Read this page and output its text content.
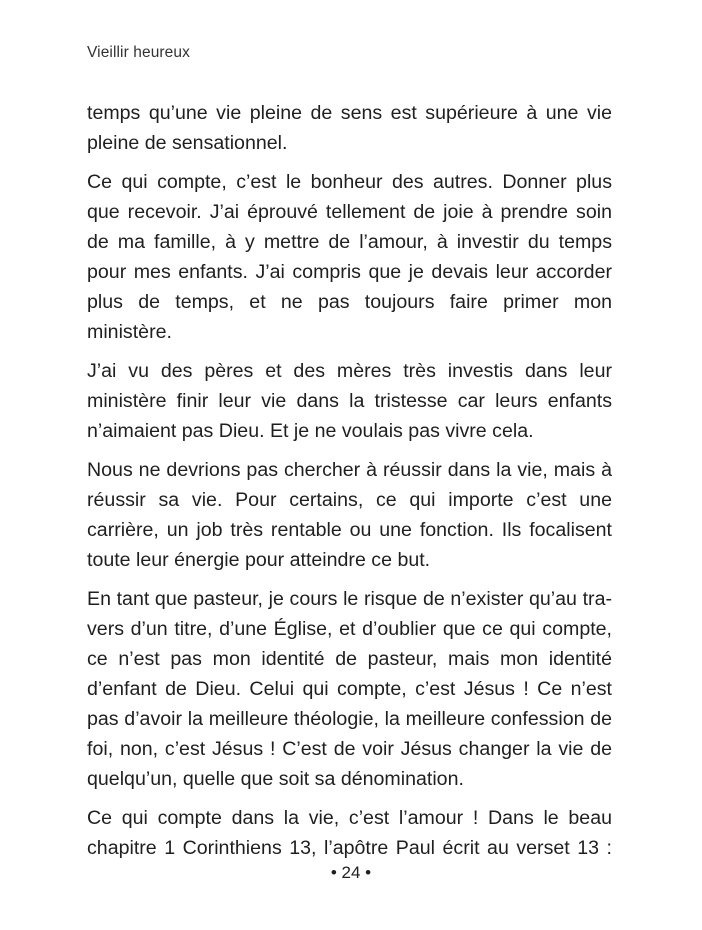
Vieillir heureux

temps qu’une vie pleine de sens est supérieure à une vie pleine de sensationnel.

Ce qui compte, c’est le bonheur des autres. Donner plus que recevoir. J’ai éprouvé tellement de joie à prendre soin de ma famille, à y mettre de l’amour, à investir du temps pour mes enfants. J’ai compris que je devais leur accorder plus de temps, et ne pas toujours faire primer mon ministère.

J’ai vu des pères et des mères très investis dans leur ministère finir leur vie dans la tristesse car leurs enfants n’aimaient pas Dieu. Et je ne voulais pas vivre cela.

Nous ne devrions pas chercher à réussir dans la vie, mais à réussir sa vie. Pour certains, ce qui importe c’est une carrière, un job très rentable ou une fonction. Ils focalisent toute leur énergie pour atteindre ce but.

En tant que pasteur, je cours le risque de n’exister qu’au travers d’un titre, d’une Église, et d’oublier que ce qui compte, ce n’est pas mon identité de pasteur, mais mon identité d’enfant de Dieu. Celui qui compte, c’est Jésus ! Ce n’est pas d’avoir la meilleure théologie, la meilleure confession de foi, non, c’est Jésus ! C’est de voir Jésus changer la vie de quelqu’un, quelle que soit sa dénomination.

Ce qui compte dans la vie, c’est l’amour ! Dans le beau chapitre 1 Corinthiens 13, l’apôtre Paul écrit au verset 13 :

• 24 •
